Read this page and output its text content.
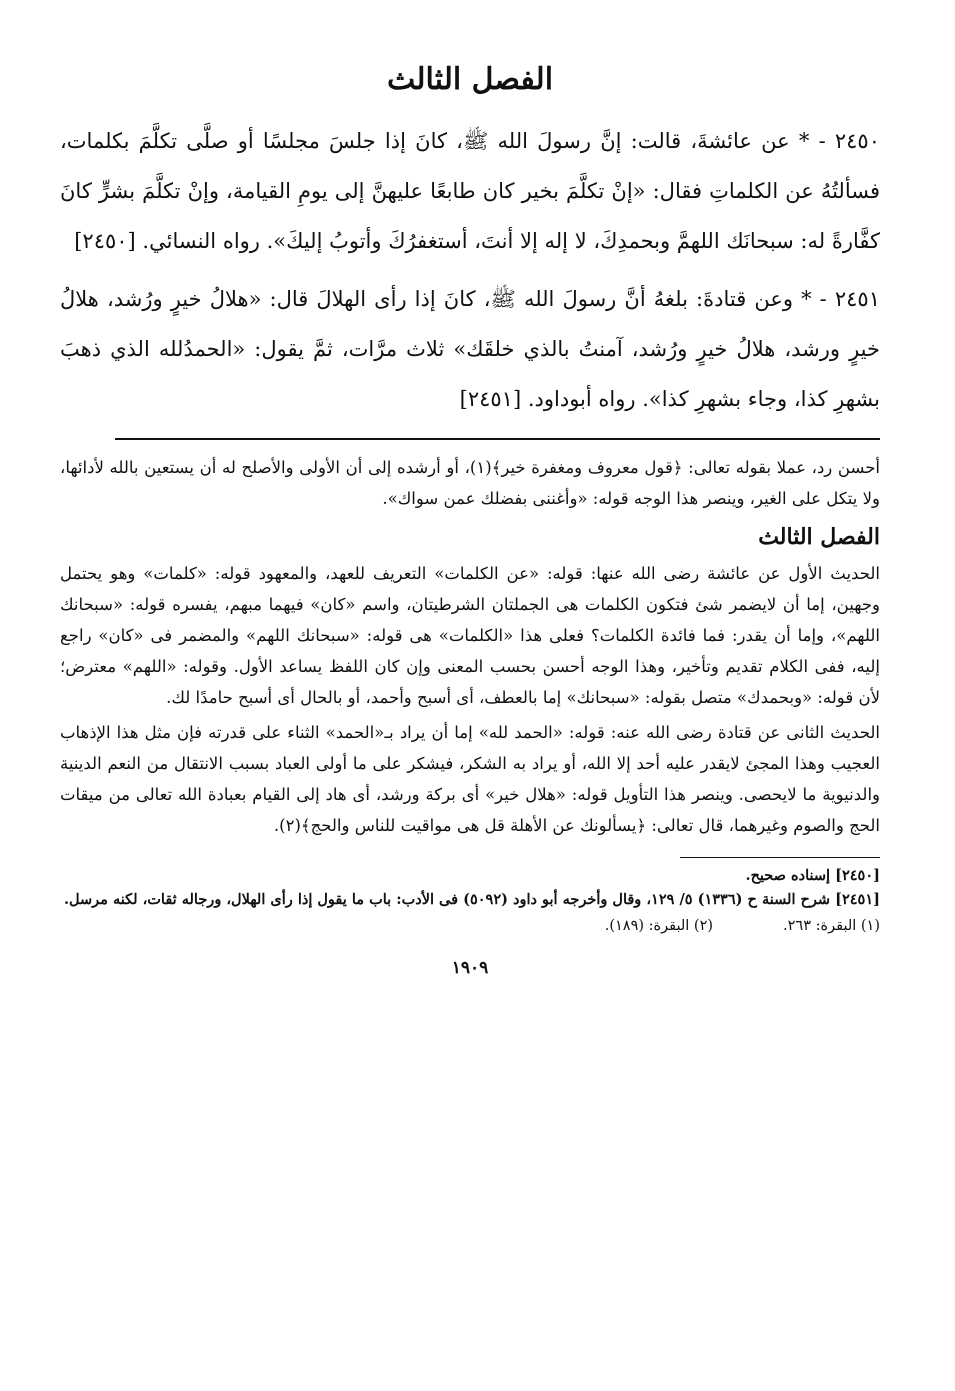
الفصل الثالث

٢٤٥٠ - * عن عائشةَ، قالت: إنَّ رسولَ الله ﷺ، كانَ إذا جلسَ مجلسًا أو صلَّى تكلَّمَ بكلمات، فسألتُهُ عن الكلماتِ فقال: «إنْ تكلَّمَ بخير كان طابعًا عليهنَّ إلى يومِ القيامة، وإنْ تكلَّمَ بشرٍّ كانَ كفَّارةً له: سبحانَك اللهمَّ وبحمدِكَ، لا إله إلا أنتَ، أستغفرُكَ وأتوبُ إليكَ». رواه النسائي. [٢٤٥٠]

٢٤٥١ - * وعن قتادةَ: بلغهُ أنَّ رسولَ الله ﷺ، كانَ إذا رأى الهلالَ قال: «هلالُ خيرٍ ورُشد، هلالُ خيرٍ ورشد، هلالُ خيرٍ ورُشد، آمنتُ بالذي خلقَك» ثلاث مرَّات، ثمَّ يقول: «الحمدُلله الذي ذهبَ بشهرِ كذا، وجاء بشهرِ كذا». رواه أبوداود. [٢٤٥١]

أحسن رد، عملا بقوله تعالى: ﴿قول معروف ومغفرة خير﴾(١)، أو أرشده إلى أن الأولى والأصلح له أن يستعين بالله لأدائها، ولا يتكل على الغير، وينصر هذا الوجه قوله: «وأغننى بفضلك عمن سواك».

الفصل الثالث

الحديث الأول عن عائشة رضى الله عنها: قوله: «عن الكلمات» التعريف للعهد، والمعهود قوله: «كلمات» وهو يحتمل وجهين، إما أن لايضمر شئ فتكون الكلمات هى الجملتان الشرطيتان، واسم «كان» فيهما مبهم، يفسره قوله: «سبحانك اللهم»، وإما أن يقدر: فما فائدة الكلمات؟ فعلى هذا «الكلمات» هى قوله: «سبحانك اللهم» والمضمر فى «كان» راجع إليه، ففى الكلام تقديم وتأخير، وهذا الوجه أحسن بحسب المعنى وإن كان اللفظ يساعد الأول. وقوله: «اللهم» معترض؛ لأن قوله: «وبحمدك» متصل بقوله: «سبحانك» إما بالعطف، أى أسبح وأحمد، أو بالحال أى أسبح حامدًا لك.

الحديث الثانى عن قتادة رضى الله عنه: قوله: «الحمد لله» إما أن يراد بـ«الحمد» الثناء على قدرته فإن مثل هذا الإذهاب العجيب وهذا المجئ لايقدر عليه أحد إلا الله، أو يراد به الشكر، فيشكر على ما أولى العباد بسبب الانتقال من النعم الدينية والدنيوية ما لايحصى. وينصر هذا التأويل قوله: «هلال خير» أى بركة ورشد، أى هاد إلى القيام بعبادة الله تعالى من ميقات الحج والصوم وغيرهما، قال تعالى: ﴿يسألونك عن الأهلة قل هى مواقيت للناس والحج﴾(٢).

[٢٤٥٠] إسناده صحيح.

[٢٤٥١] شرح السنة ح (١٣٣٦) ٥/ ١٢٩، وقال وأخرجه أبو داود (٥٠٩٢) فى الأدب: باب ما يقول إذا رأى الهلال، ورجاله ثقات، لكنه مرسل.

(١) البقرة: ٢٦٣.
(٢) البقرة: (١٨٩).
١٩٠٩
